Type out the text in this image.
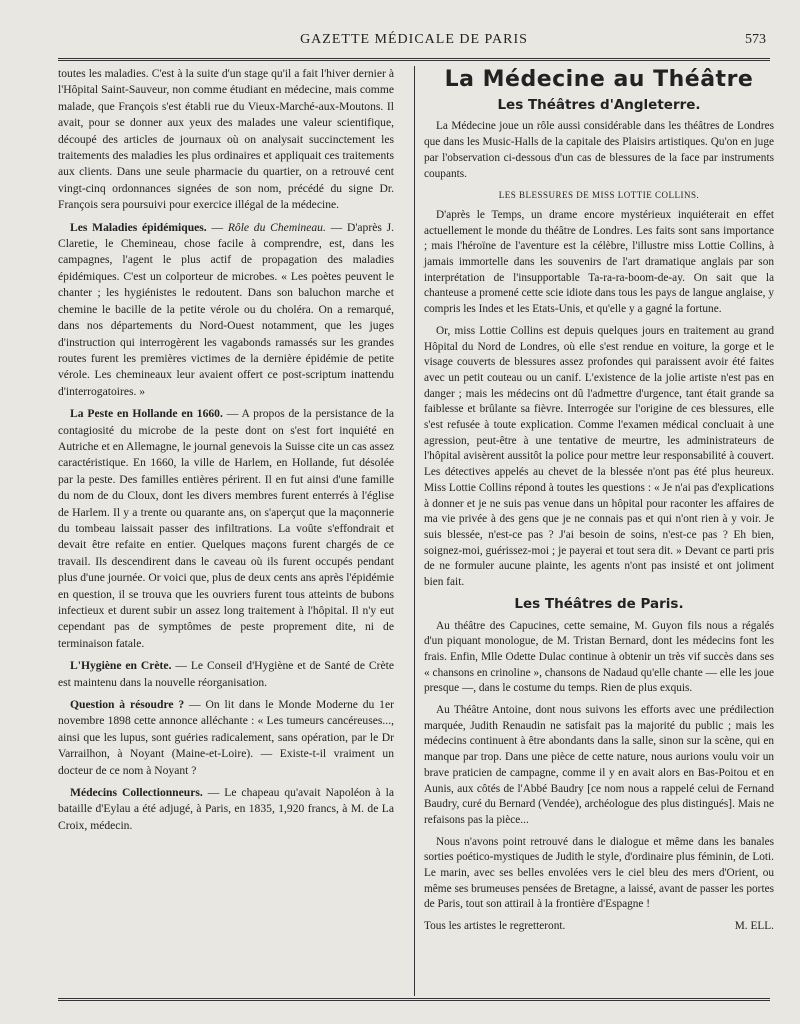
GAZETTE MÉDICALE DE PARIS	573

toutes les maladies. C'est à la suite d'un stage qu'il a fait l'hiver dernier à l'Hôpital Saint-Sauveur, non comme étudiant en médecine, mais comme malade, que François s'est établi rue du Vieux-Marché-aux-Moutons. Il avait, pour se donner aux yeux des malades une valeur scientifique, découpé des articles de journaux où on analysait succinctement les traitements des maladies les plus ordinaires et appliquait ces traitements aux clients. Dans une seule pharmacie du quartier, on a retrouvé cent vingt-cinq ordonnances signées de son nom, précédé du signe Dr. François sera poursuivi pour exercice illégal de la médecine.

Les Maladies épidémiques. — Rôle du Chemineau. — D'après J. Claretie, le Chemineau, chose facile à comprendre, est, dans les campagnes, l'agent le plus actif de propagation des maladies épidémiques. C'est un colporteur de microbes. « Les poètes peuvent le chanter ; les hygiénistes le redoutent. Dans son baluchon marche et chemine le bacille de la petite vérole ou du choléra. On a remarqué, dans nos départements du Nord-Ouest notamment, que les juges d'instruction qui interrogèrent les vagabonds ramassés sur les grandes routes furent les premières victimes de la dernière épidémie de petite vérole. Les chemineaux leur avaient offert ce post-scriptum inattendu d'interrogatoires. »

La Peste en Hollande en 1660. — A propos de la persistance de la contagiosité du microbe de la peste dont on s'est fort inquiété en Autriche et en Allemagne, le journal genevois la Suisse cite un cas assez caractéristique. En 1660, la ville de Harlem, en Hollande, fut désolée par la peste. Des familles entières périrent. Il en fut ainsi d'une famille du nom de du Cloux, dont les divers membres furent enterrés à l'église de Harlem. Il y a trente ou quarante ans, on s'aperçut que la maçonnerie du tombeau laissait passer des infiltrations. La voûte s'effondrait et devait être refaite en entier. Quelques maçons furent chargés de ce travail. Ils descendirent dans le caveau où ils furent occupés pendant plus d'une journée. Or voici que, plus de deux cents ans après l'épidémie en question, il se trouva que les ouvriers furent tous atteints de bubons infectieux et durent subir un assez long traitement à l'hôpital. Il n'y eut cependant pas de symptômes de peste proprement dite, ni de terminaison fatale.

L'Hygiène en Crète. — Le Conseil d'Hygiène et de Santé de Crète est maintenu dans la nouvelle réorganisation.

Question à résoudre ? — On lit dans le Monde Moderne du 1er novembre 1898 cette annonce alléchante : « Les tumeurs cancéreuses..., ainsi que les lupus, sont guéries radicalement, sans opération, par le Dr Varrailhon, à Noyant (Maine-et-Loire). — Existe-t-il vraiment un docteur de ce nom à Noyant ?

Médecins Collectionneurs. — Le chapeau qu'avait Napoléon à la bataille d'Eylau a été adjugé, à Paris, en 1835, 1,920 francs, à M. de La Croix, médecin.

La Médecine au Théâtre
Les Théâtres d'Angleterre.

La Médecine joue un rôle aussi considérable dans les théâtres de Londres que dans les Music-Halls de la capitale des Plaisirs artistiques. Qu'on en juge par l'observation ci-dessous d'un cas de blessures de la face par instruments coupants.

LES BLESSURES DE MISS LOTTIE COLLINS.

D'après le Temps, un drame encore mystérieux inquiéterait en effet actuellement le monde du théâtre de Londres. Les faits sont sans importance ; mais l'héroïne de l'aventure est la célèbre, l'illustre miss Lottie Collins, à jamais immortelle dans les souvenirs de l'art dramatique anglais par son interprétation de l'insupportable Ta-ra-ra-boom-de-ay. On sait que la chanteuse a promené cette scie idiote dans tous les pays de langue anglaise, y compris les Indes et les Etats-Unis, et qu'elle y a gagné la fortune.

Or, miss Lottie Collins est depuis quelques jours en traitement au grand Hôpital du Nord de Londres, où elle s'est rendue en voiture, la gorge et le visage couverts de blessures assez profondes qui paraissent avoir été faites avec un petit couteau ou un canif. L'existence de la jolie artiste n'est pas en danger ; mais les médecins ont dû l'admettre d'urgence, tant était grande sa faiblesse et brûlante sa fièvre. Interrogée sur l'origine de ces blessures, elle s'est refusée à toute explication. Comme l'examen médical concluait à une agression, peut-être à une tentative de meurtre, les administrateurs de l'hôpital avisèrent aussitôt la police pour mettre leur responsabilité à couvert. Les détectives appelés au chevet de la blessée n'ont pas été plus heureux. Miss Lottie Collins répond à toutes les questions : « Je n'ai pas d'explications à donner et je ne suis pas venue dans un hôpital pour raconter les affaires de ma vie privée à des gens que je ne connais pas et qui n'ont rien à y voir. Je suis blessée, n'est-ce pas ? J'ai besoin de soins, n'est-ce pas ? Eh bien, soignez-moi, guérissez-moi ; je payerai et tout sera dit. » Devant ce parti pris de ne formuler aucune plainte, les agents n'ont pas insisté et ont joliment bien fait.

Les Théâtres de Paris.

Au théâtre des Capucines, cette semaine, M. Guyon fils nous a régalés d'un piquant monologue, de M. Tristan Bernard, dont les médecins font les frais. Enfin, Mlle Odette Dulac continue à obtenir un très vif succès dans ses « chansons en crinoline », chansons de Nadaud qu'elle chante — elle les joue presque —, dans le costume du temps. Rien de plus exquis.

Au Théâtre Antoine, dont nous suivons les efforts avec une prédilection marquée, Judith Renaudin ne satisfait pas la majorité du public ; mais les médecins continuent à être abondants dans la salle, sinon sur la scène, qui en manque par trop. Dans une pièce de cette nature, nous aurions voulu voir un brave praticien de campagne, comme il y en avait alors en Bas-Poitou et en Aunis, aux côtés de l'Abbé Baudry [ce nom nous a rappelé celui de Fernand Baudry, curé du Bernard (Vendée), archéologue des plus distingués]. Mais ne refaisons pas la pièce...

Nous n'avons point retrouvé dans le dialogue et même dans les banales sorties poético-mystiques de Judith le style, d'ordinaire plus féminin, de Loti. Le marin, avec ses belles envolées vers le ciel bleu des mers d'Orient, ou même ses brumeuses pensées de Bretagne, a laissé, avant de passer les portes de Paris, tout son attirail à la frontière d'Espagne !

Tous les artistes le regretteront.	M. ELL.
